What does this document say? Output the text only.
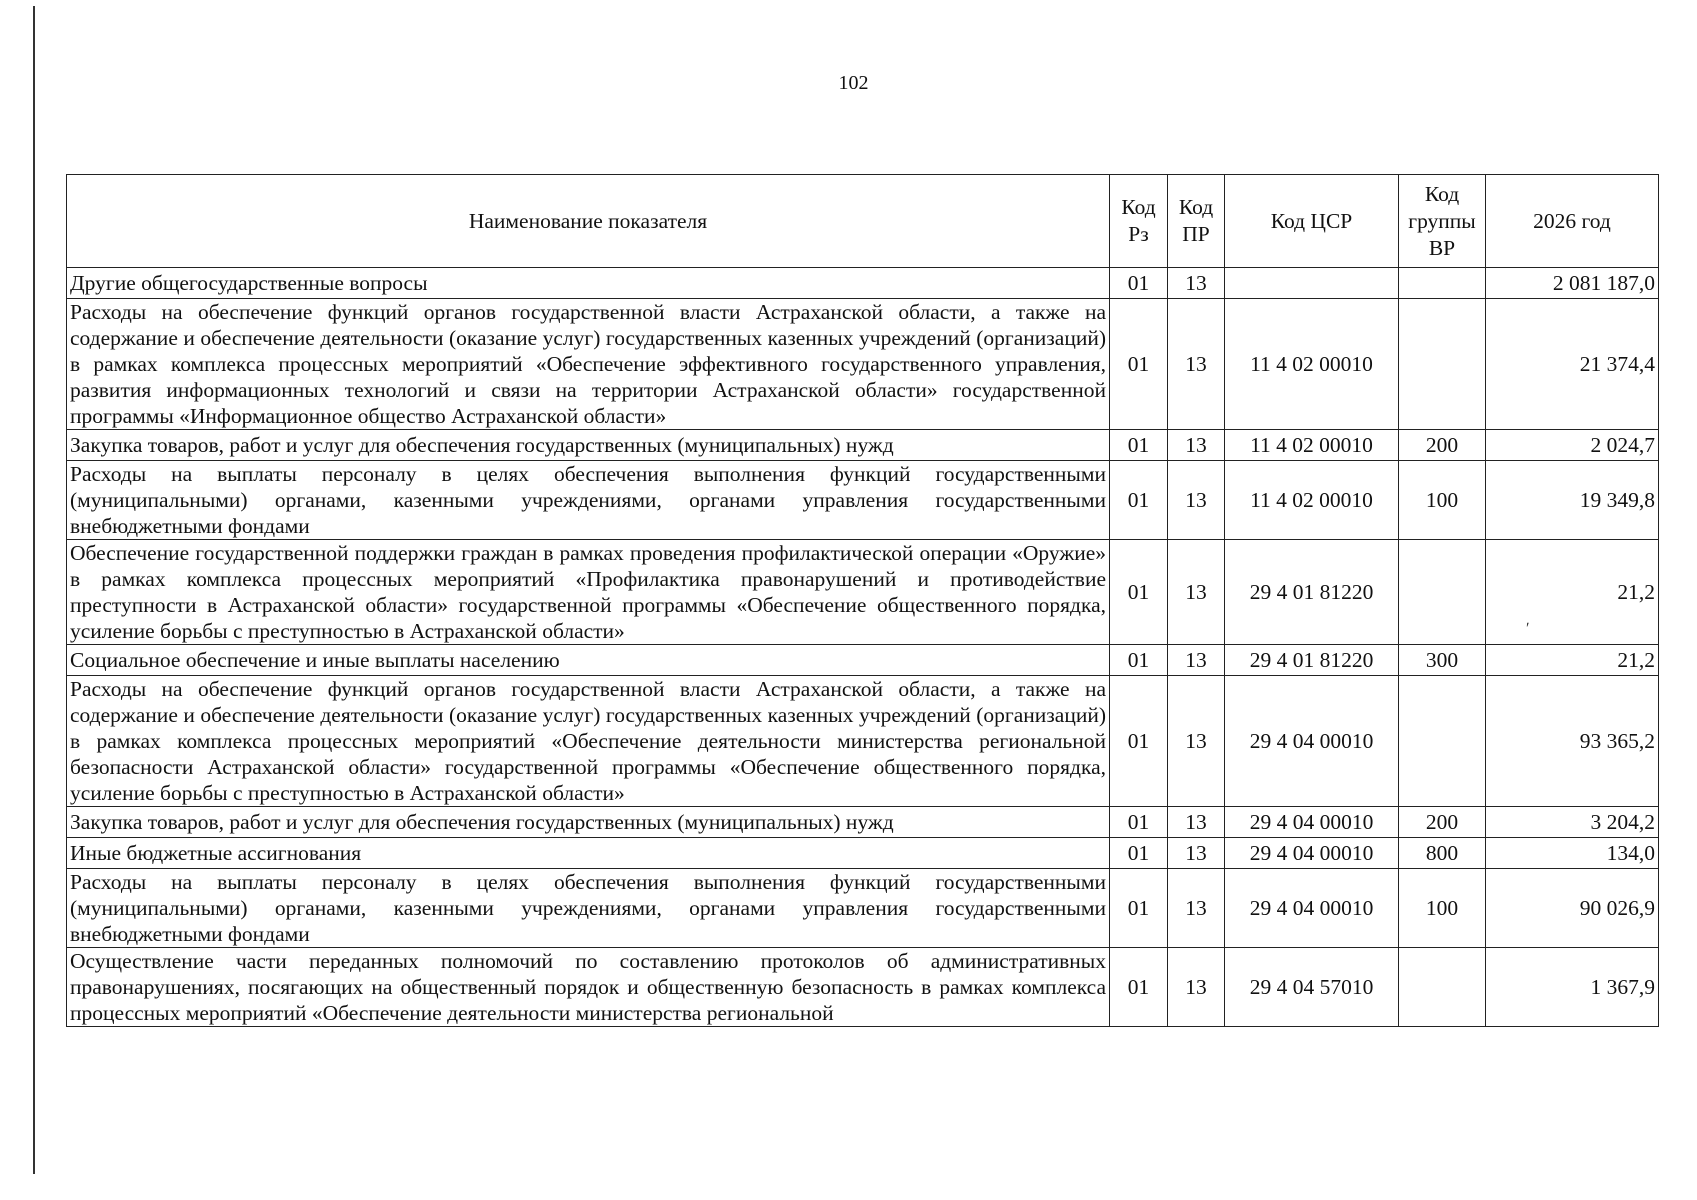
102
Наименование показателя	Код Рз	Код ПР	Код ЦСР	Код группы ВР	2026 год
Другие общегосударственные вопросы	01	13			2 081 187,0
Расходы на обеспечение функций органов государственной власти Астраханской области, а также на содержание и обеспечение деятельности (оказание услуг) государственных казенных учреждений (организаций) в рамках комплекса процессных мероприятий «Обеспечение эффективного государственного управления, развития информационных технологий и связи на территории Астраханской области» государственной программы «Информационное общество Астраханской области»	01	13	11 4 02 00010		21 374,4
Закупка товаров, работ и услуг для обеспечения государственных (муниципальных) нужд	01	13	11 4 02 00010	200	2 024,7
Расходы на выплаты персоналу в целях обеспечения выполнения функций государственными (муниципальными) органами, казенными учреждениями, органами управления государственными внебюджетными фондами	01	13	11 4 02 00010	100	19 349,8
Обеспечение государственной поддержки граждан в рамках проведения профилактической операции «Оружие» в рамках комплекса процессных мероприятий «Профилактика правонарушений и противодействие преступности в Астраханской области» государственной программы «Обеспечение общественного порядка, усиление борьбы с преступностью в Астраханской области»	01	13	29 4 01 81220		21,2
Социальное обеспечение и иные выплаты населению	01	13	29 4 01 81220	300	21,2
Расходы на обеспечение функций органов государственной власти Астраханской области, а также на содержание и обеспечение деятельности (оказание услуг) государственных казенных учреждений (организаций) в рамках комплекса процессных мероприятий «Обеспечение деятельности министерства региональной безопасности Астраханской области» государственной программы «Обеспечение общественного порядка, усиление борьбы с преступностью в Астраханской области»	01	13	29 4 04 00010		93 365,2
Закупка товаров, работ и услуг для обеспечения государственных (муниципальных) нужд	01	13	29 4 04 00010	200	3 204,2
Иные бюджетные ассигнования	01	13	29 4 04 00010	800	134,0
Расходы на выплаты персоналу в целях обеспечения выполнения функций государственными (муниципальными) органами, казенными учреждениями, органами управления государственными внебюджетными фондами	01	13	29 4 04 00010	100	90 026,9
Осуществление части переданных полномочий по составлению протоколов об административных правонарушениях, посягающих на общественный порядок и общественную безопасность в рамках комплекса процессных мероприятий «Обеспечение деятельности министерства региональной	01	13	29 4 04 57010		1 367,9
ʹ
